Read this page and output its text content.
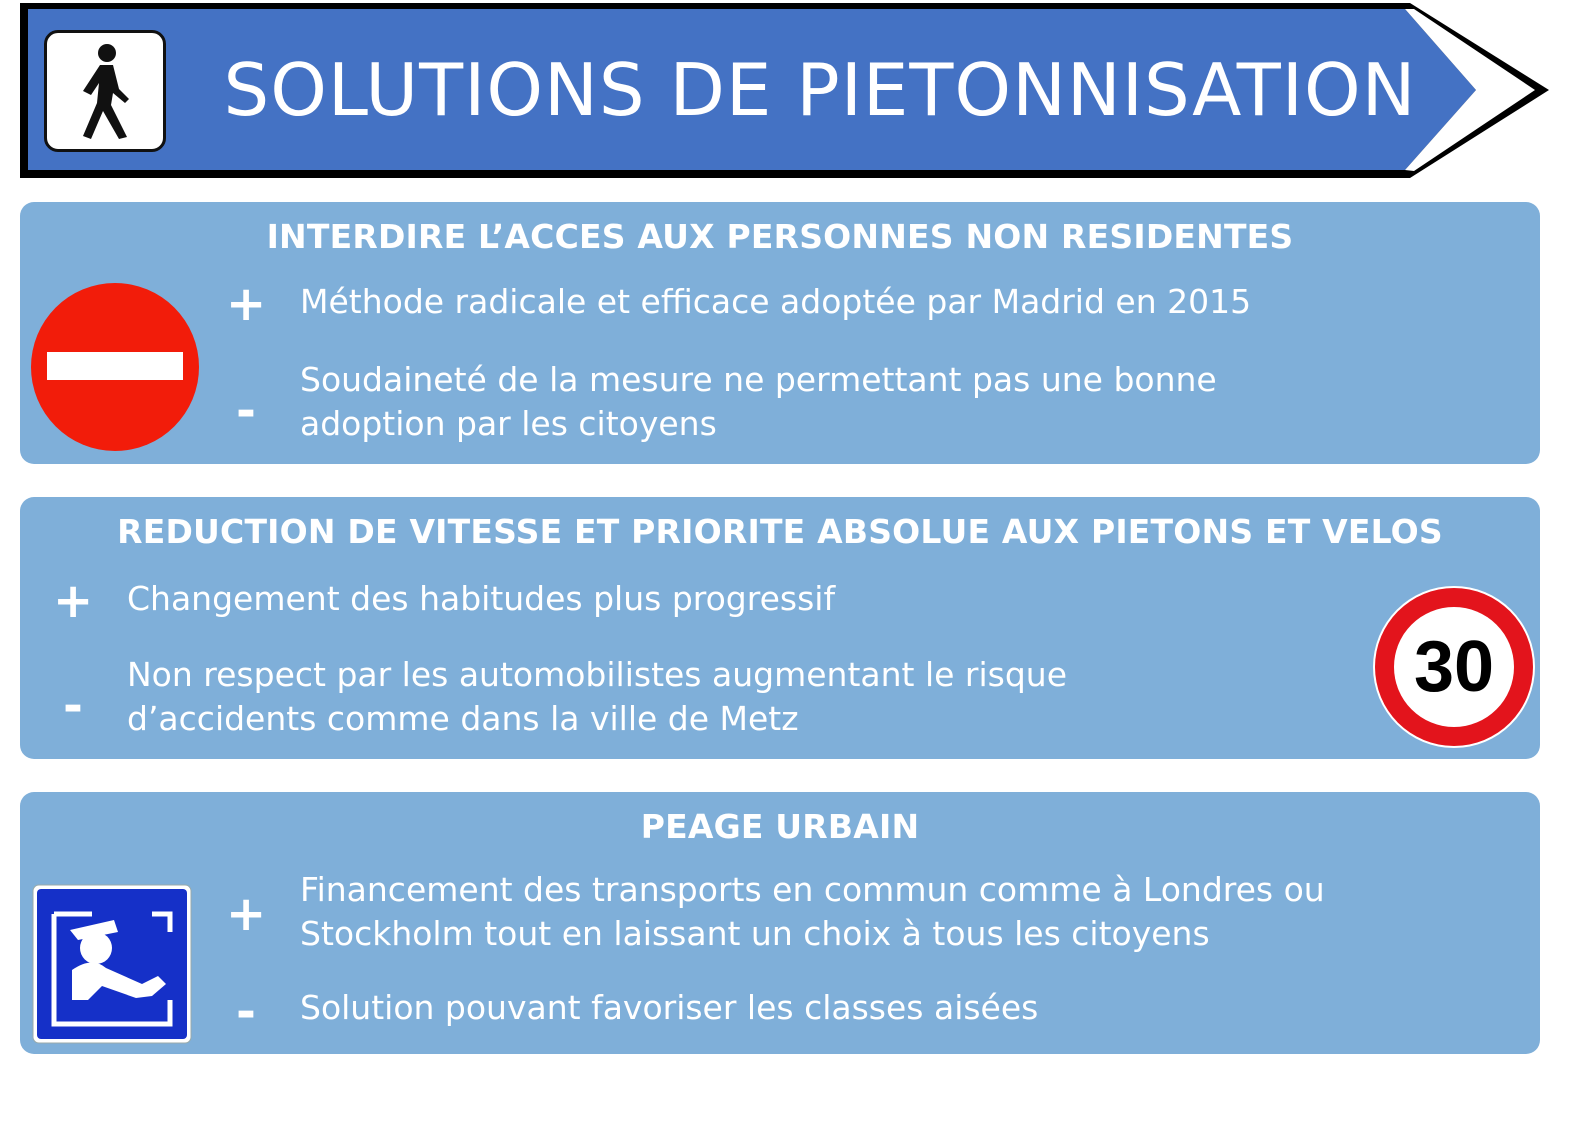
SOLUTIONS DE PIETONNISATION
INTERDIRE L’ACCES AUX PERSONNES NON RESIDENTES
+ Méthode radicale et efficace adoptée par Madrid en 2015
-
Soudaineté de la mesure ne permettant pas une bonne
adoption par les citoyens
REDUCTION DE VITESSE ET PRIORITE ABSOLUE AUX PIETONS ET VELOS
+ Changement des habitudes plus progressif
-
Non respect par les automobilistes augmentant le risque
d’accidents comme dans la ville de Metz
30
PEAGE URBAIN
+ Financement des transports en commun comme à Londres ou
Stockholm tout en laissant un choix à tous les citoyens
-	Solution pouvant favoriser les classes aisées
